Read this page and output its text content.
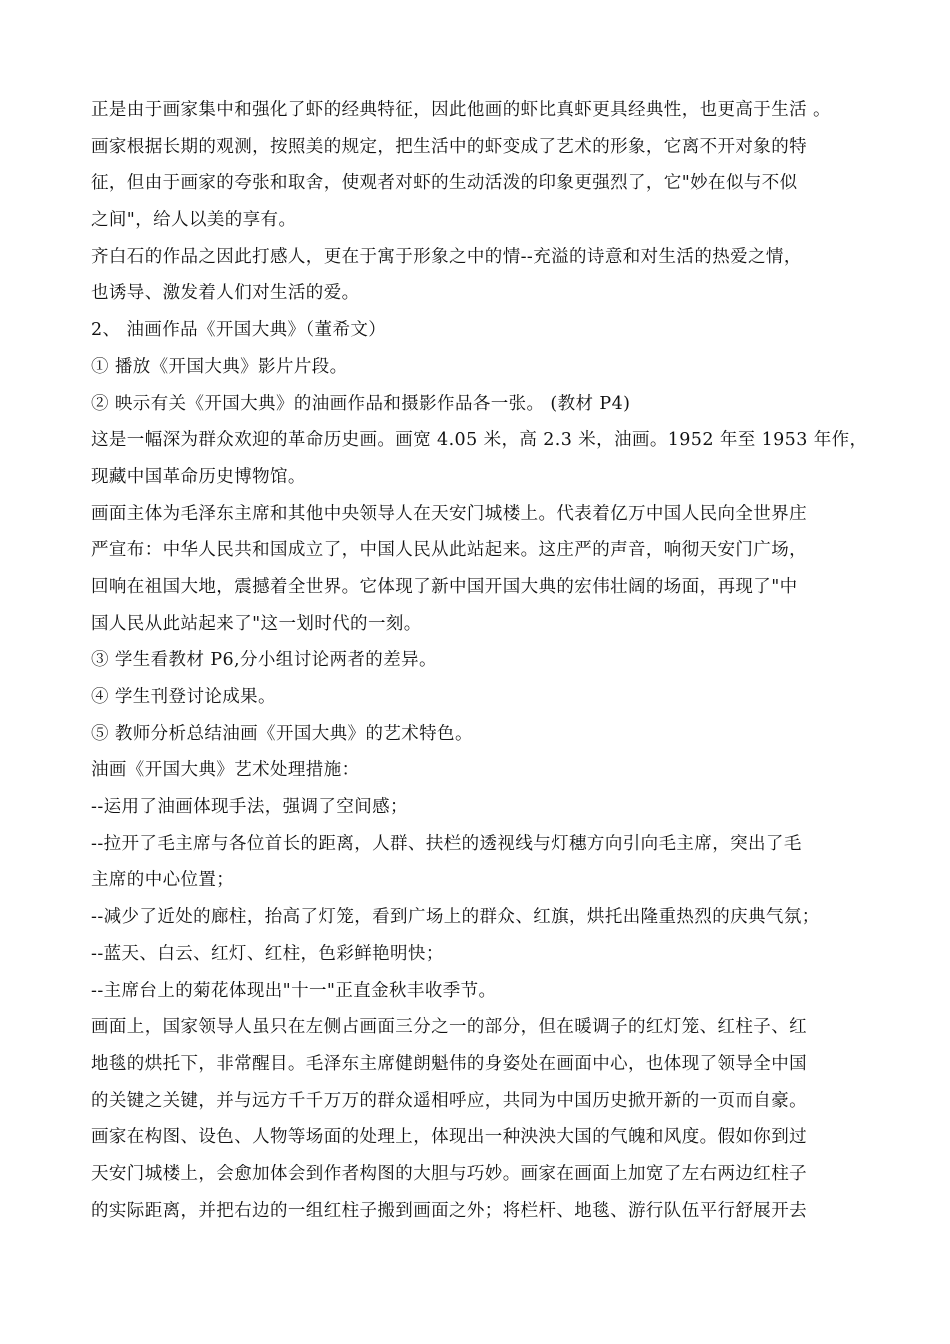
正是由于画家集中和强化了虾的经典特征，因此他画的虾比真虾更具经典性，也更高于生活 。
画家根据长期的观测，按照美的规定，把生活中的虾变成了艺术的形象，它离不开对象的特
征，但由于画家的夸张和取舍，使观者对虾的生动活泼的印象更强烈了，它"妙在似与不似
之间"，给人以美的享有。
齐白石的作品之因此打感人，更在于寓于形象之中的情--充溢的诗意和对生活的热爱之情，
也诱导、激发着人们对生活的爱。
2、 油画作品《开国大典》（董希文）
① 播放《开国大典》影片片段。
② 映示有关《开国大典》的油画作品和摄影作品各一张。 (教材 P4)
这是一幅深为群众欢迎的革命历史画。画宽 4.05 米，高 2.3 米，油画。1952 年至 1953 年作，
现藏中国革命历史博物馆。
画面主体为毛泽东主席和其他中央领导人在天安门城楼上。代表着亿万中国人民向全世界庄
严宣布：中华人民共和国成立了，中国人民从此站起来。这庄严的声音，响彻天安门广场，
回响在祖国大地，震撼着全世界。它体现了新中国开国大典的宏伟壮阔的场面，再现了"中
国人民从此站起来了"这一划时代的一刻。
③ 学生看教材 P6,分小组讨论两者的差异。
④ 学生刊登讨论成果。
⑤ 教师分析总结油画《开国大典》的艺术特色。
油画《开国大典》艺术处理措施：
--运用了油画体现手法，强调了空间感；
--拉开了毛主席与各位首长的距离，人群、扶栏的透视线与灯穗方向引向毛主席，突出了毛
主席的中心位置；
--减少了近处的廊柱，抬高了灯笼，看到广场上的群众、红旗，烘托出隆重热烈的庆典气氛；
--蓝天、白云、红灯、红柱，色彩鲜艳明快；
--主席台上的菊花体现出"十一"正直金秋丰收季节。
画面上，国家领导人虽只在左侧占画面三分之一的部分，但在暖调子的红灯笼、红柱子、红
地毯的烘托下，非常醒目。毛泽东主席健朗魁伟的身姿处在画面中心，也体现了领导全中国
的关键之关键，并与远方千千万万的群众遥相呼应，共同为中国历史掀开新的一页而自豪。
画家在构图、设色、人物等场面的处理上，体现出一种泱泱大国的气魄和风度。假如你到过
天安门城楼上，会愈加体会到作者构图的大胆与巧妙。画家在画面上加宽了左右两边红柱子
的实际距离，并把右边的一组红柱子搬到画面之外；将栏杆、地毯、游行队伍平行舒展开去
